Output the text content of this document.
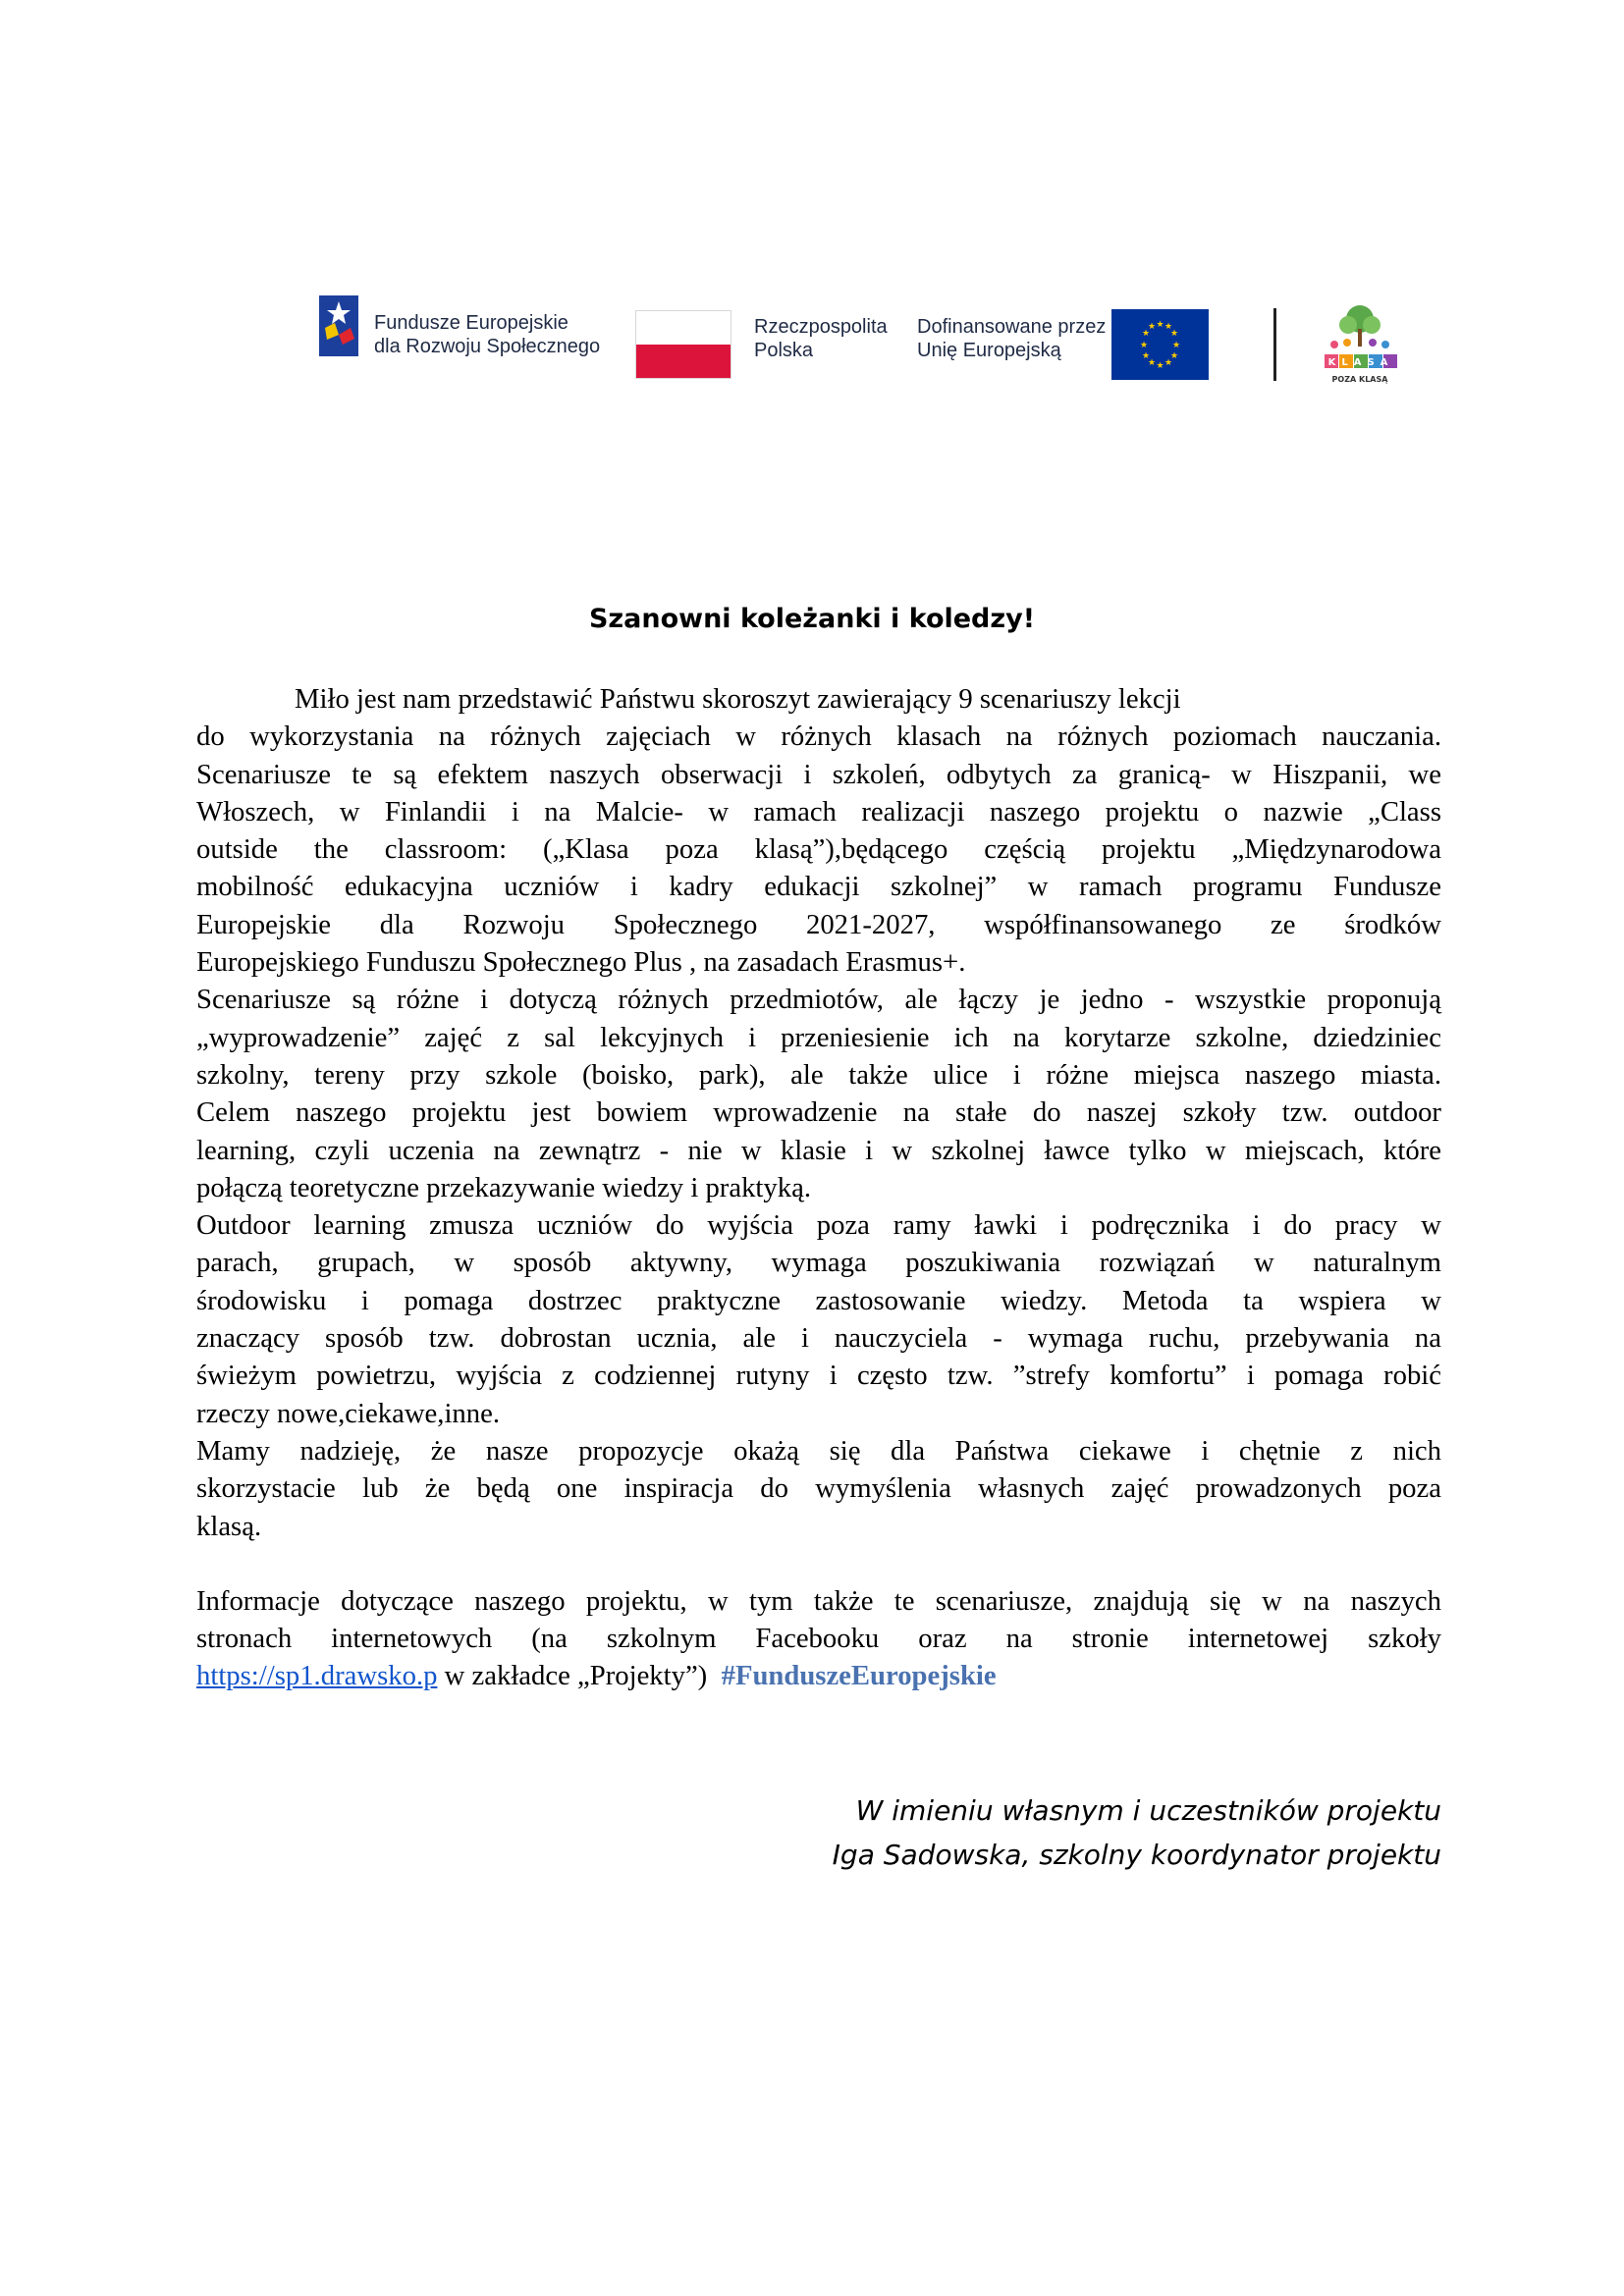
Fundusze Europejskie
dla Rozwoju Społecznego
Rzeczpospolita
Polska
Dofinansowane przez
Unię Europejską
★ ★
★
★
★
★
★
★
★
★
★
★
KLASA
POZA KLASĄ
Szanowni koleżanki i koledzy!

Miło jest nam przedstawić Państwu skoroszyt zawierający 9 scenariuszy lekcji

do wykorzystania na różnych zajęciach w różnych klasach na różnych poziomach nauczania.

Scenariusze te są efektem naszych obserwacji i szkoleń, odbytych za granicą- w Hiszpanii, we

Włoszech, w Finlandii i na Malcie- w ramach realizacji naszego projektu o nazwie „Class

outside the classroom: („Klasa poza klasą”),będącego częścią projektu „Międzynarodowa

mobilność edukacyjna uczniów i kadry edukacji szkolnej” w ramach programu Fundusze

Europejskie dla Rozwoju Społecznego 2021-2027, współfinansowanego ze środków

Europejskiego Funduszu Społecznego Plus , na zasadach Erasmus+.

Scenariusze są różne i dotyczą różnych przedmiotów, ale łączy je jedno - wszystkie proponują

„wyprowadzenie” zajęć z sal lekcyjnych i przeniesienie ich na korytarze szkolne, dziedziniec

szkolny, tereny przy szkole (boisko, park), ale także ulice i różne miejsca naszego miasta.

Celem naszego projektu jest bowiem wprowadzenie na stałe do naszej szkoły tzw. outdoor

learning, czyli uczenia na zewnątrz - nie w klasie i w szkolnej ławce tylko w miejscach, które

połączą teoretyczne przekazywanie wiedzy i praktyką.

Outdoor learning zmusza uczniów do wyjścia poza ramy ławki i podręcznika i do pracy w

parach, grupach, w sposób aktywny, wymaga poszukiwania rozwiązań w naturalnym

środowisku i pomaga dostrzec praktyczne zastosowanie wiedzy. Metoda ta wspiera w

znaczący sposób tzw. dobrostan ucznia, ale i nauczyciela - wymaga ruchu, przebywania na

świeżym powietrzu, wyjścia z codziennej rutyny i często tzw. ”strefy komfortu” i pomaga robić

rzeczy nowe,ciekawe,inne.

Mamy nadzieję, że nasze propozycje okażą się dla Państwa ciekawe i chętnie z nich

skorzystacie lub że będą one inspiracja do wymyślenia własnych zajęć prowadzonych poza

klasą.

Informacje dotyczące naszego projektu, w tym także te scenariusze, znajdują się w na naszych

stronach internetowych (na szkolnym Facebooku oraz na stronie internetowej szkoły

https://sp1.drawsko.p w zakładce „Projekty”)  #FunduszeEuropejskie

W imieniu własnym i uczestników projektu
Iga Sadowska, szkolny koordynator projektu
